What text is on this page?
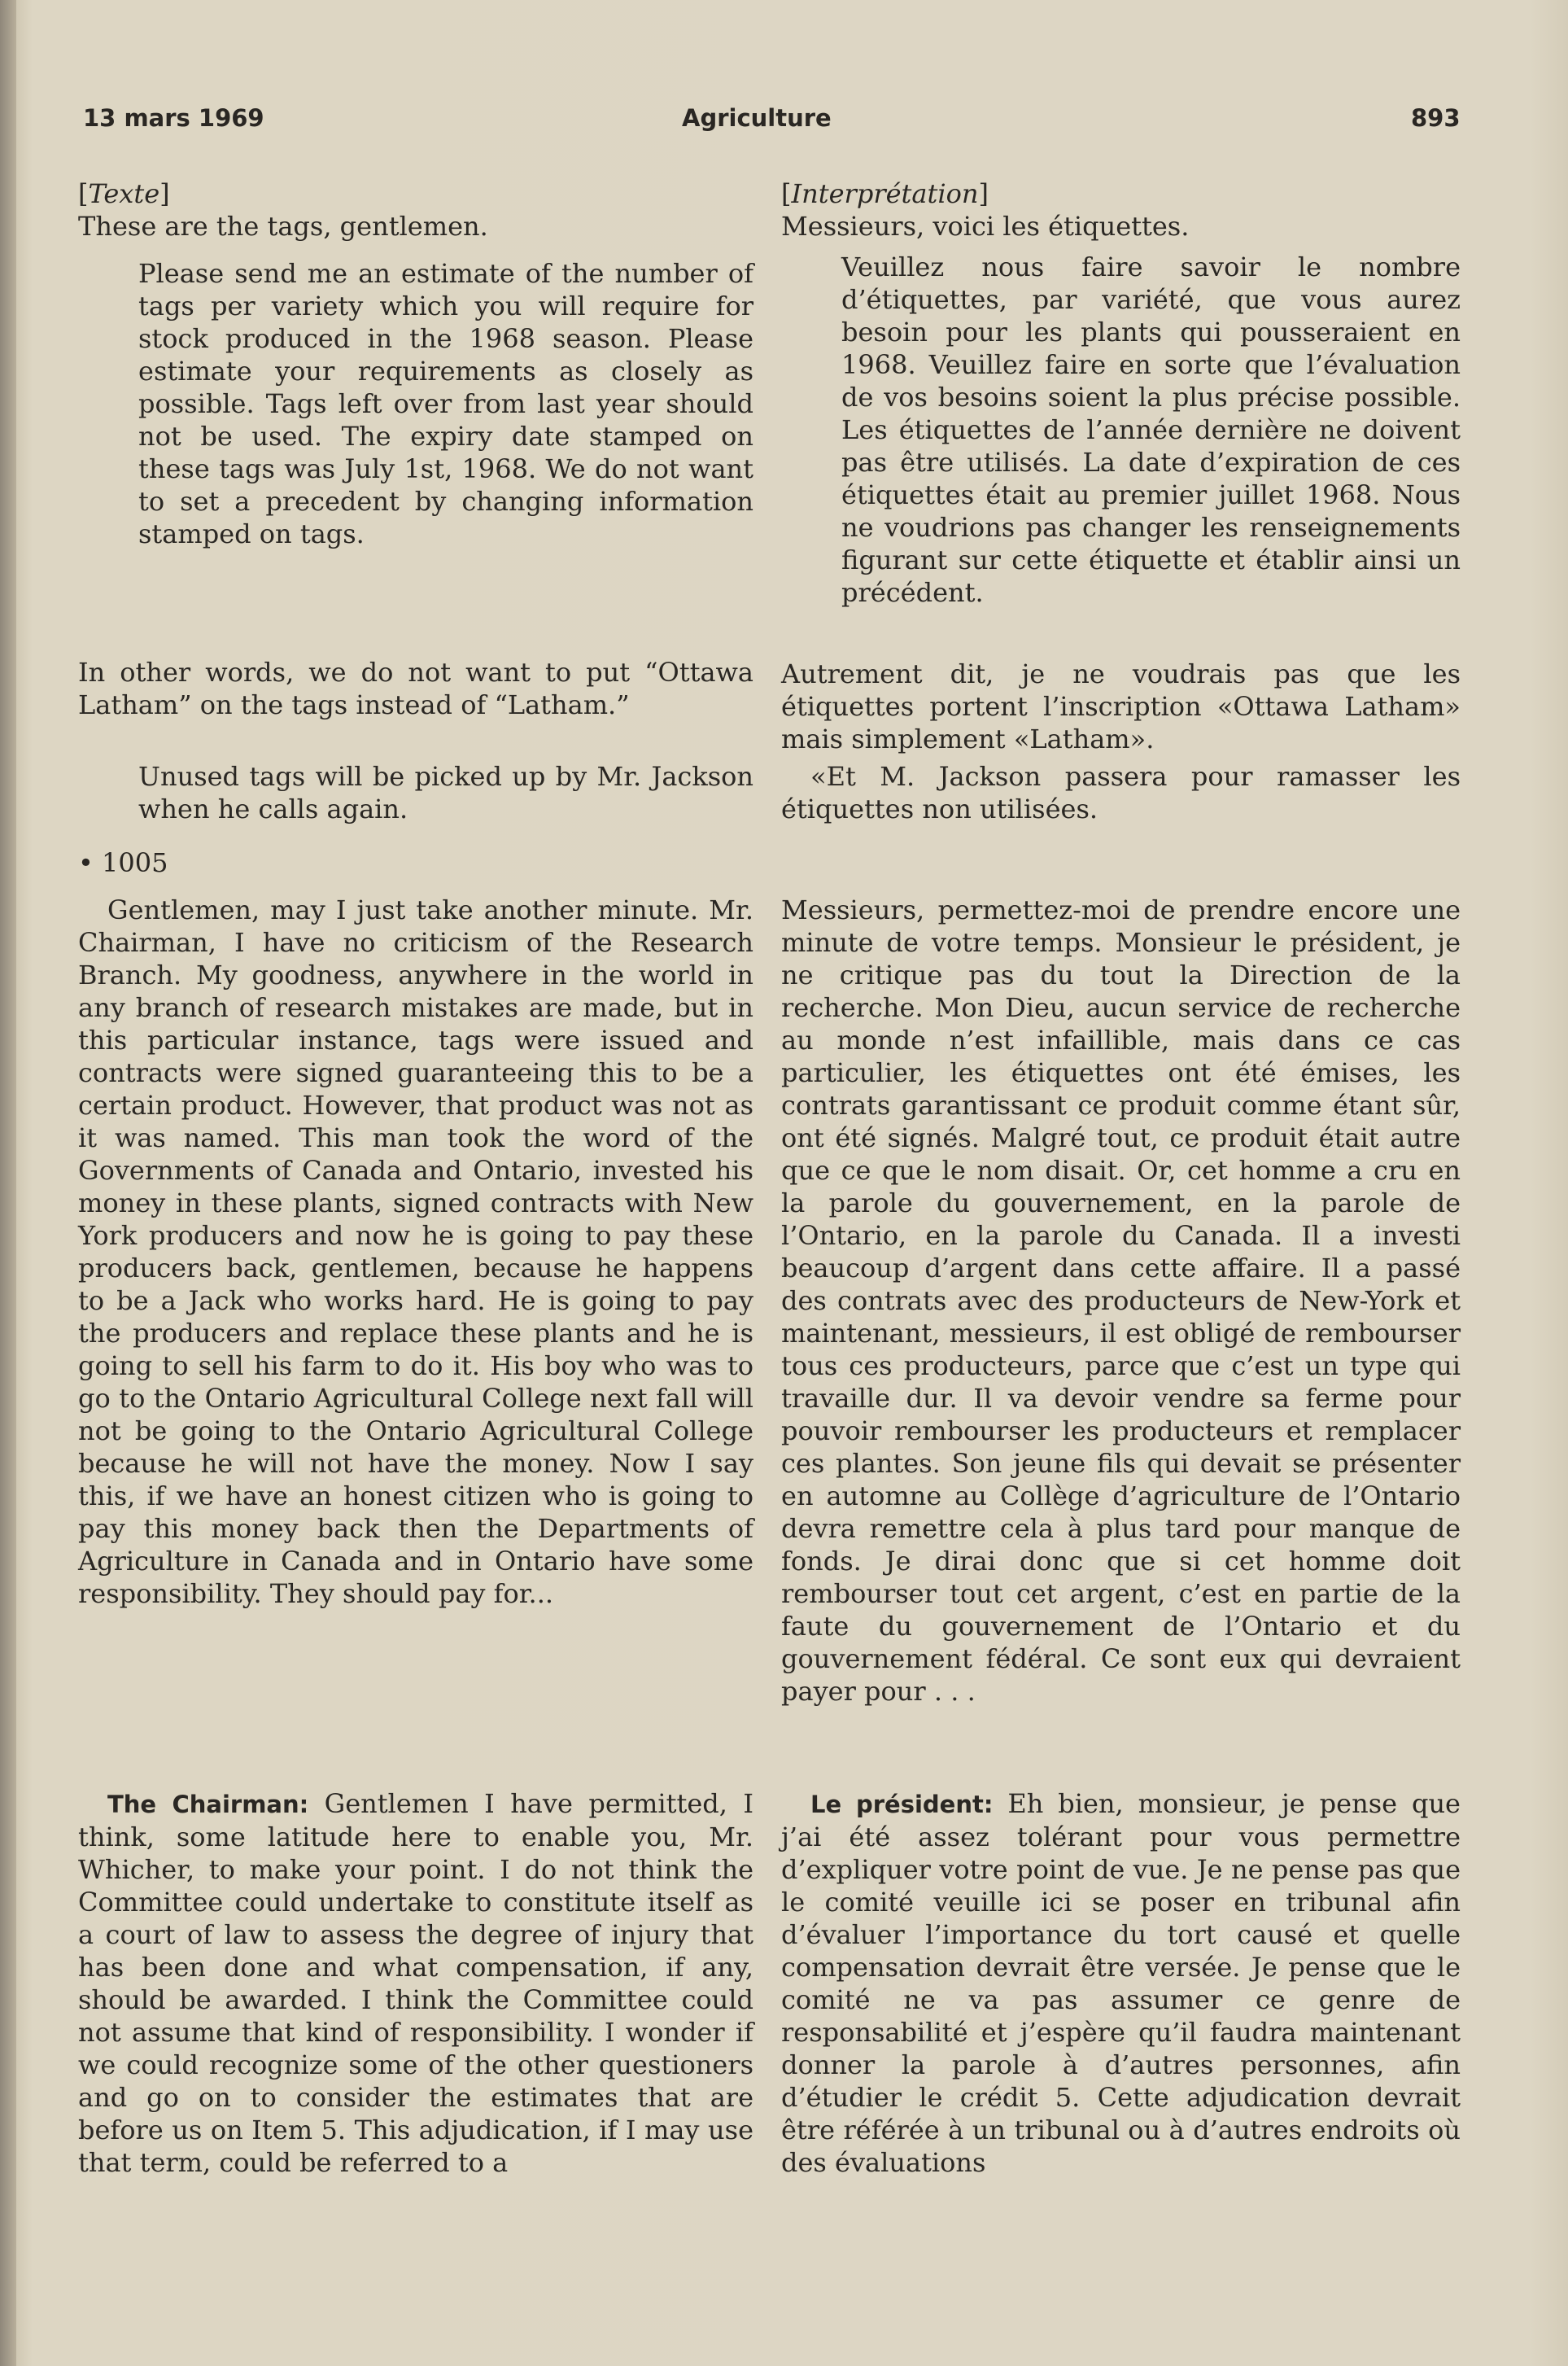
13 mars 1969	Agriculture	893

[Texte]

These are the tags, gentlemen.

Please send me an estimate of the number of tags per variety which you will require for stock produced in the 1968 season. Please estimate your requirements as closely as possible. Tags left over from last year should not be used. The expiry date stamped on these tags was July 1st, 1968. We do not want to set a precedent by changing information stamped on tags.

In other words, we do not want to put “Ottawa Latham” on the tags instead of “Latham.”

Unused tags will be picked up by Mr. Jackson when he calls again.

• 1005

Gentlemen, may I just take another minute. Mr. Chairman, I have no criticism of the Research Branch. My goodness, anywhere in the world in any branch of research mistakes are made, but in this particular instance, tags were issued and contracts were signed guaranteeing this to be a certain product. However, that product was not as it was named. This man took the word of the Governments of Canada and Ontario, invested his money in these plants, signed contracts with New York producers and now he is going to pay these producers back, gentlemen, because he happens to be a Jack who works hard. He is going to pay the producers and replace these plants and he is going to sell his farm to do it. His boy who was to go to the Ontario Agricultural College next fall will not be going to the Ontario Agricultural College because he will not have the money. Now I say this, if we have an honest citizen who is going to pay this money back then the Departments of Agriculture in Canada and in Ontario have some responsibility. They should pay for...

The Chairman: Gentlemen I have permitted, I think, some latitude here to enable you, Mr. Whicher, to make your point. I do not think the Committee could undertake to constitute itself as a court of law to assess the degree of injury that has been done and what compensation, if any, should be awarded. I think the Committee could not assume that kind of responsibility. I wonder if we could recognize some of the other questioners and go on to consider the estimates that are before us on Item 5. This adjudication, if I may use that term, could be referred to a

[Interprétation]

Messieurs, voici les étiquettes.

Veuillez nous faire savoir le nombre d’étiquettes, par variété, que vous aurez besoin pour les plants qui pousseraient en 1968. Veuillez faire en sorte que l’évaluation de vos besoins soient la plus précise possible. Les étiquettes de l’année dernière ne doivent pas être utilisés. La date d’expiration de ces étiquettes était au premier juillet 1968. Nous ne voudrions pas changer les renseignements figurant sur cette étiquette et établir ainsi un précédent.

Autrement dit, je ne voudrais pas que les étiquettes portent l’inscription «Ottawa Latham» mais simplement «Latham».

«Et M. Jackson passera pour ramasser les étiquettes non utilisées.

Messieurs, permettez-moi de prendre encore une minute de votre temps. Monsieur le président, je ne critique pas du tout la Direction de la recherche. Mon Dieu, aucun service de recherche au monde n’est infaillible, mais dans ce cas particulier, les étiquettes ont été émises, les contrats garantissant ce produit comme étant sûr, ont été signés. Malgré tout, ce produit était autre que ce que le nom disait. Or, cet homme a cru en la parole du gouvernement, en la parole de l’Ontario, en la parole du Canada. Il a investi beaucoup d’argent dans cette affaire. Il a passé des contrats avec des producteurs de New-York et maintenant, messieurs, il est obligé de rembourser tous ces producteurs, parce que c’est un type qui travaille dur. Il va devoir vendre sa ferme pour pouvoir rembourser les producteurs et remplacer ces plantes. Son jeune fils qui devait se présenter en automne au Collège d’agriculture de l’Ontario devra remettre cela à plus tard pour manque de fonds. Je dirai donc que si cet homme doit rembourser tout cet argent, c’est en partie de la faute du gouvernement de l’Ontario et du gouvernement fédéral. Ce sont eux qui devraient payer pour . . .

Le président: Eh bien, monsieur, je pense que j’ai été assez tolérant pour vous permettre d’expliquer votre point de vue. Je ne pense pas que le comité veuille ici se poser en tribunal afin d’évaluer l’importance du tort causé et quelle compensation devrait être versée. Je pense que le comité ne va pas assumer ce genre de responsabilité et j’espère qu’il faudra maintenant donner la parole à d’autres personnes, afin d’étudier le crédit 5. Cette adjudication devrait être référée à un tribunal ou à d’autres endroits où des évaluations
